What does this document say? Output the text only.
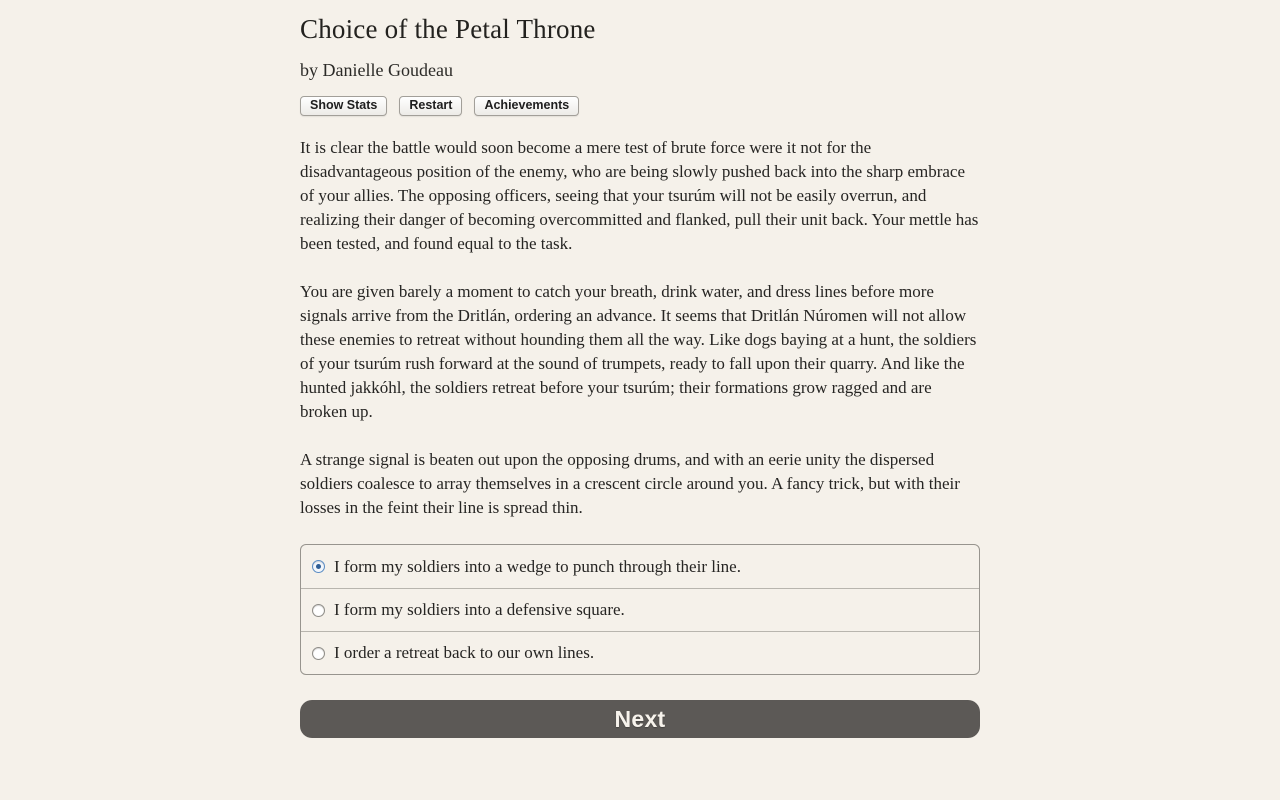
Choice of the Petal Throne
by Danielle Goudeau
Show Stats	Restart	Achievements

It is clear the battle would soon become a mere test of brute force were it not for the disadvantageous position of the enemy, who are being slowly pushed back into the sharp embrace of your allies. The opposing officers, seeing that your tsurúm will not be easily overrun, and realizing their danger of becoming overcommitted and flanked, pull their unit back. Your mettle has been tested, and found equal to the task.

You are given barely a moment to catch your breath, drink water, and dress lines before more signals arrive from the Dritlán, ordering an advance. It seems that Dritlán Núromen will not allow these enemies to retreat without hounding them all the way. Like dogs baying at a hunt, the soldiers of your tsurúm rush forward at the sound of trumpets, ready to fall upon their quarry. And like the hunted jakkóhl, the soldiers retreat before your tsurúm; their formations grow ragged and are broken up.

A strange signal is beaten out upon the opposing drums, and with an eerie unity the dispersed soldiers coalesce to array themselves in a crescent circle around you. A fancy trick, but with their losses in the feint their line is spread thin.

I form my soldiers into a wedge to punch through their line.
I form my soldiers into a defensive square.
I order a retreat back to our own lines.
Next
